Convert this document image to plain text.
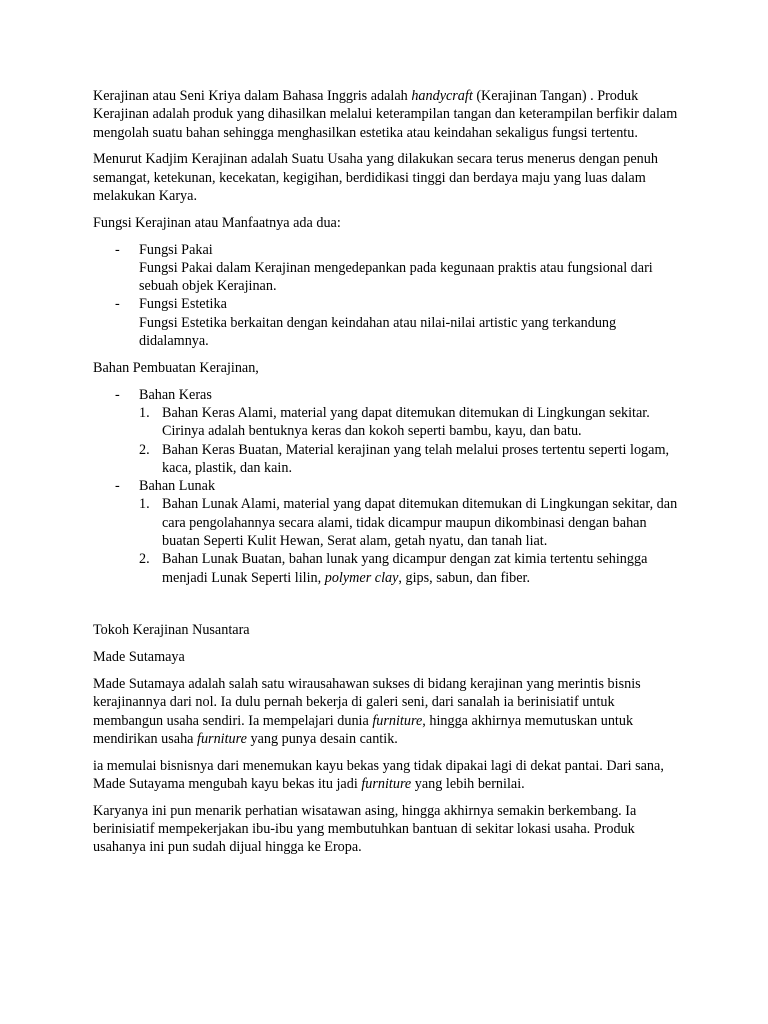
Kerajinan atau Seni Kriya dalam Bahasa Inggris adalah handycraft (Kerajinan Tangan) . Produk Kerajinan adalah produk yang dihasilkan melalui keterampilan tangan dan keterampilan berfikir dalam mengolah suatu bahan sehingga menghasilkan estetika atau keindahan sekaligus fungsi tertentu.

Menurut Kadjim Kerajinan adalah Suatu Usaha yang dilakukan secara terus menerus dengan penuh semangat, ketekunan, kecekatan, kegigihan, berdidikasi tinggi dan berdaya maju yang luas dalam melakukan Karya.

Fungsi Kerajinan atau Manfaatnya ada dua:

- Fungsi Pakai
Fungsi Pakai dalam Kerajinan mengedepankan pada kegunaan praktis atau fungsional dari sebuah objek Kerajinan.
- Fungsi Estetika
Fungsi Estetika berkaitan dengan keindahan atau nilai-nilai artistic yang terkandung didalamnya.

Bahan Pembuatan Kerajinan,

- Bahan Keras
1. Bahan Keras Alami, material yang dapat ditemukan ditemukan di Lingkungan sekitar. Cirinya adalah bentuknya keras dan kokoh seperti bambu, kayu, dan batu.
2. Bahan Keras Buatan, Material kerajinan yang telah melalui proses tertentu seperti logam, kaca, plastik, dan kain.
- Bahan Lunak
1. Bahan Lunak Alami, material yang dapat ditemukan ditemukan di Lingkungan sekitar, dan cara pengolahannya secara alami, tidak dicampur maupun dikombinasi dengan bahan buatan Seperti Kulit Hewan, Serat alam, getah nyatu, dan tanah liat.
2. Bahan Lunak Buatan, bahan lunak yang dicampur dengan zat kimia tertentu sehingga menjadi Lunak Seperti lilin, polymer clay, gips, sabun, dan fiber.

Tokoh Kerajinan Nusantara

Made Sutamaya

Made Sutamaya adalah salah satu wirausahawan sukses di bidang kerajinan yang merintis bisnis kerajinannya dari nol. Ia dulu pernah bekerja di galeri seni, dari sanalah ia berinisiatif untuk membangun usaha sendiri. Ia mempelajari dunia furniture, hingga akhirnya memutuskan untuk mendirikan usaha furniture yang punya desain cantik.

ia memulai bisnisnya dari menemukan kayu bekas yang tidak dipakai lagi di dekat pantai. Dari sana, Made Sutayama mengubah kayu bekas itu jadi furniture yang lebih bernilai.

Karyanya ini pun menarik perhatian wisatawan asing, hingga akhirnya semakin berkembang. Ia berinisiatif mempekerjakan ibu-ibu yang membutuhkan bantuan di sekitar lokasi usaha. Produk usahanya ini pun sudah dijual hingga ke Eropa.
